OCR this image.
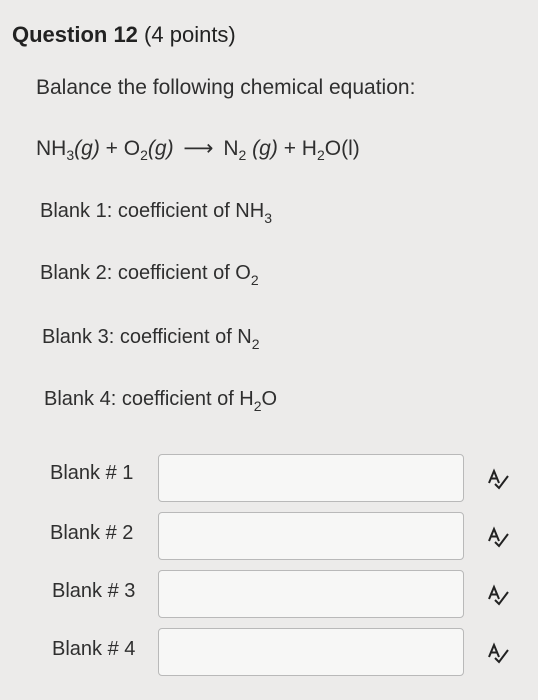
Question 12 (4 points)
Balance the following chemical equation:
$NH_3(g) + O_2(g)$ ⟶ $N_2$ $(g) + H_2O(l)$
Blank 1: coefficient of $NH_3$
Blank 2: coefficient of $O_2$
Blank 3: coefficient of $N_2$
Blank 4: coefficient of $H_2O$
Blank # 1
Blank # 2
Blank # 3
Blank # 4
